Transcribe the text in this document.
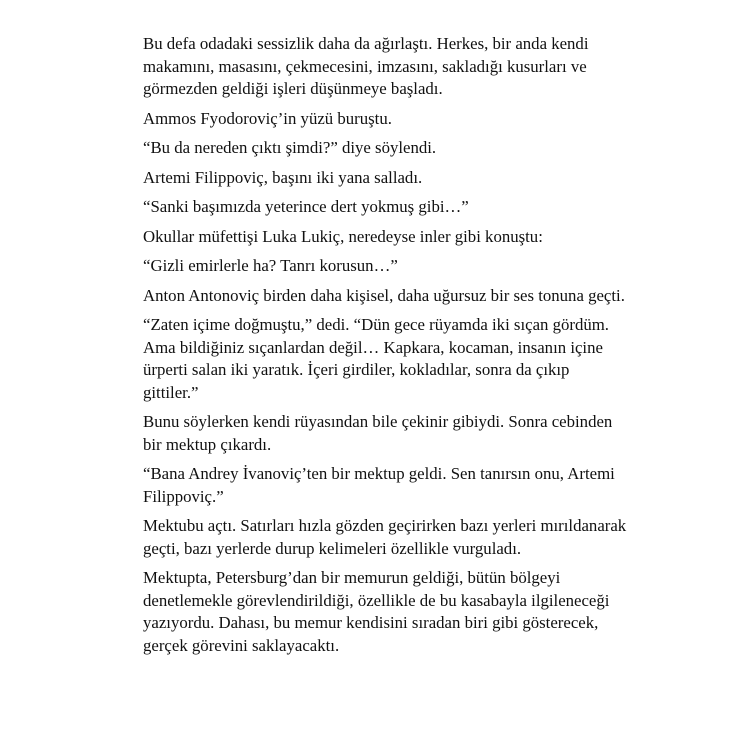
Bu defa odadaki sessizlik daha da ağırlaştı. Herkes, bir anda kendi makamını, masasını, çekmecesini, imzasını, sakladığı kusurları ve görmezden geldiği işleri düşünmeye başladı.

Ammos Fyodoroviç’in yüzü buruştu.

“Bu da nereden çıktı şimdi?” diye söylendi.

Artemi Filippoviç, başını iki yana salladı.

“Sanki başımızda yeterince dert yokmuş gibi…”

Okullar müfettişi Luka Lukiç, neredeyse inler gibi konuştu:

“Gizli emirlerle ha? Tanrı korusun…”

Anton Antonoviç birden daha kişisel, daha uğursuz bir ses tonuna geçti.

“Zaten içime doğmuştu,” dedi. “Dün gece rüyamda iki sıçan gördüm. Ama bildiğiniz sıçanlardan değil… Kapkara, kocaman, insanın içine ürperti salan iki yaratık. İçeri girdiler, kokladılar, sonra da çıkıp gittiler.”

Bunu söylerken kendi rüyasından bile çekinir gibiydi. Sonra cebinden bir mektup çıkardı.

“Bana Andrey İvanoviç’ten bir mektup geldi. Sen tanırsın onu, Artemi Filippoviç.”

Mektubu açtı. Satırları hızla gözden geçirirken bazı yerleri mırıldanarak geçti, bazı yerlerde durup kelimeleri özellikle vurguladı.

Mektupta, Petersburg’dan bir memurun geldiği, bütün bölgeyi denetlemekle görevlendirildiği, özellikle de bu kasabayla ilgileneceği yazıyordu. Dahası, bu memur kendisini sıradan biri gibi gösterecek, gerçek görevini saklayacaktı.
